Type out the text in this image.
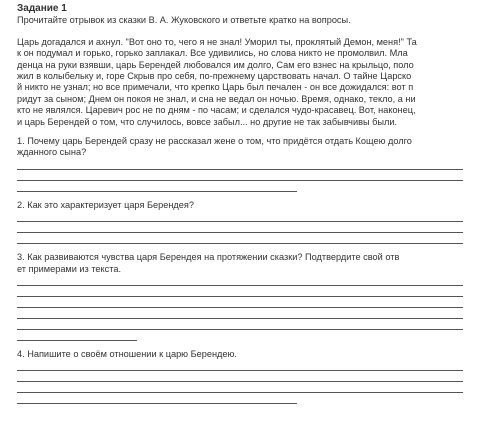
Задание 1
Прочитайте отрывок из сказки В. А. Жуковского и ответьте кратко на вопросы.
Царь догадался и ахнул. "Вот оно то, чего я не знал! Уморил ты, проклятый Демон, меня!" Та
к он подумал и горько, горько заплакал. Все удивились, но слова никто не промолвил. Мла
денца на руки взявши, царь Берендей любовался им долго, Сам его взнес на крыльцо, поло
жил в колыбельку и, горе Скрыв про себя, по-прежнему царствовать начал. О тайне Царско
й никто не узнал; но все примечали, что крепко Царь был печален - он все дожидался: вот п
ридут за сыном; Днем он покоя не знал, и сна не ведал он ночью. Время, однако, текло, а ни
кто не являлся. Царевич рос не по дням - по часам; и сделался чудо-красавец. Вот, наконец,
и царь Берендей о том, что случилось, вовсе забыл... но другие не так забывчивы были.
1. Почему царь Берендей сразу не рассказал жене о том, что придётся отдать Кощею долго
жданного сына?
2. Как это характеризует царя Берендея?
3. Как развиваются чувства царя Берендея на протяжении сказки? Подтвердите свой отв
ет примерами из текста.
4. Напишите о своём отношении к царю Берендею.
